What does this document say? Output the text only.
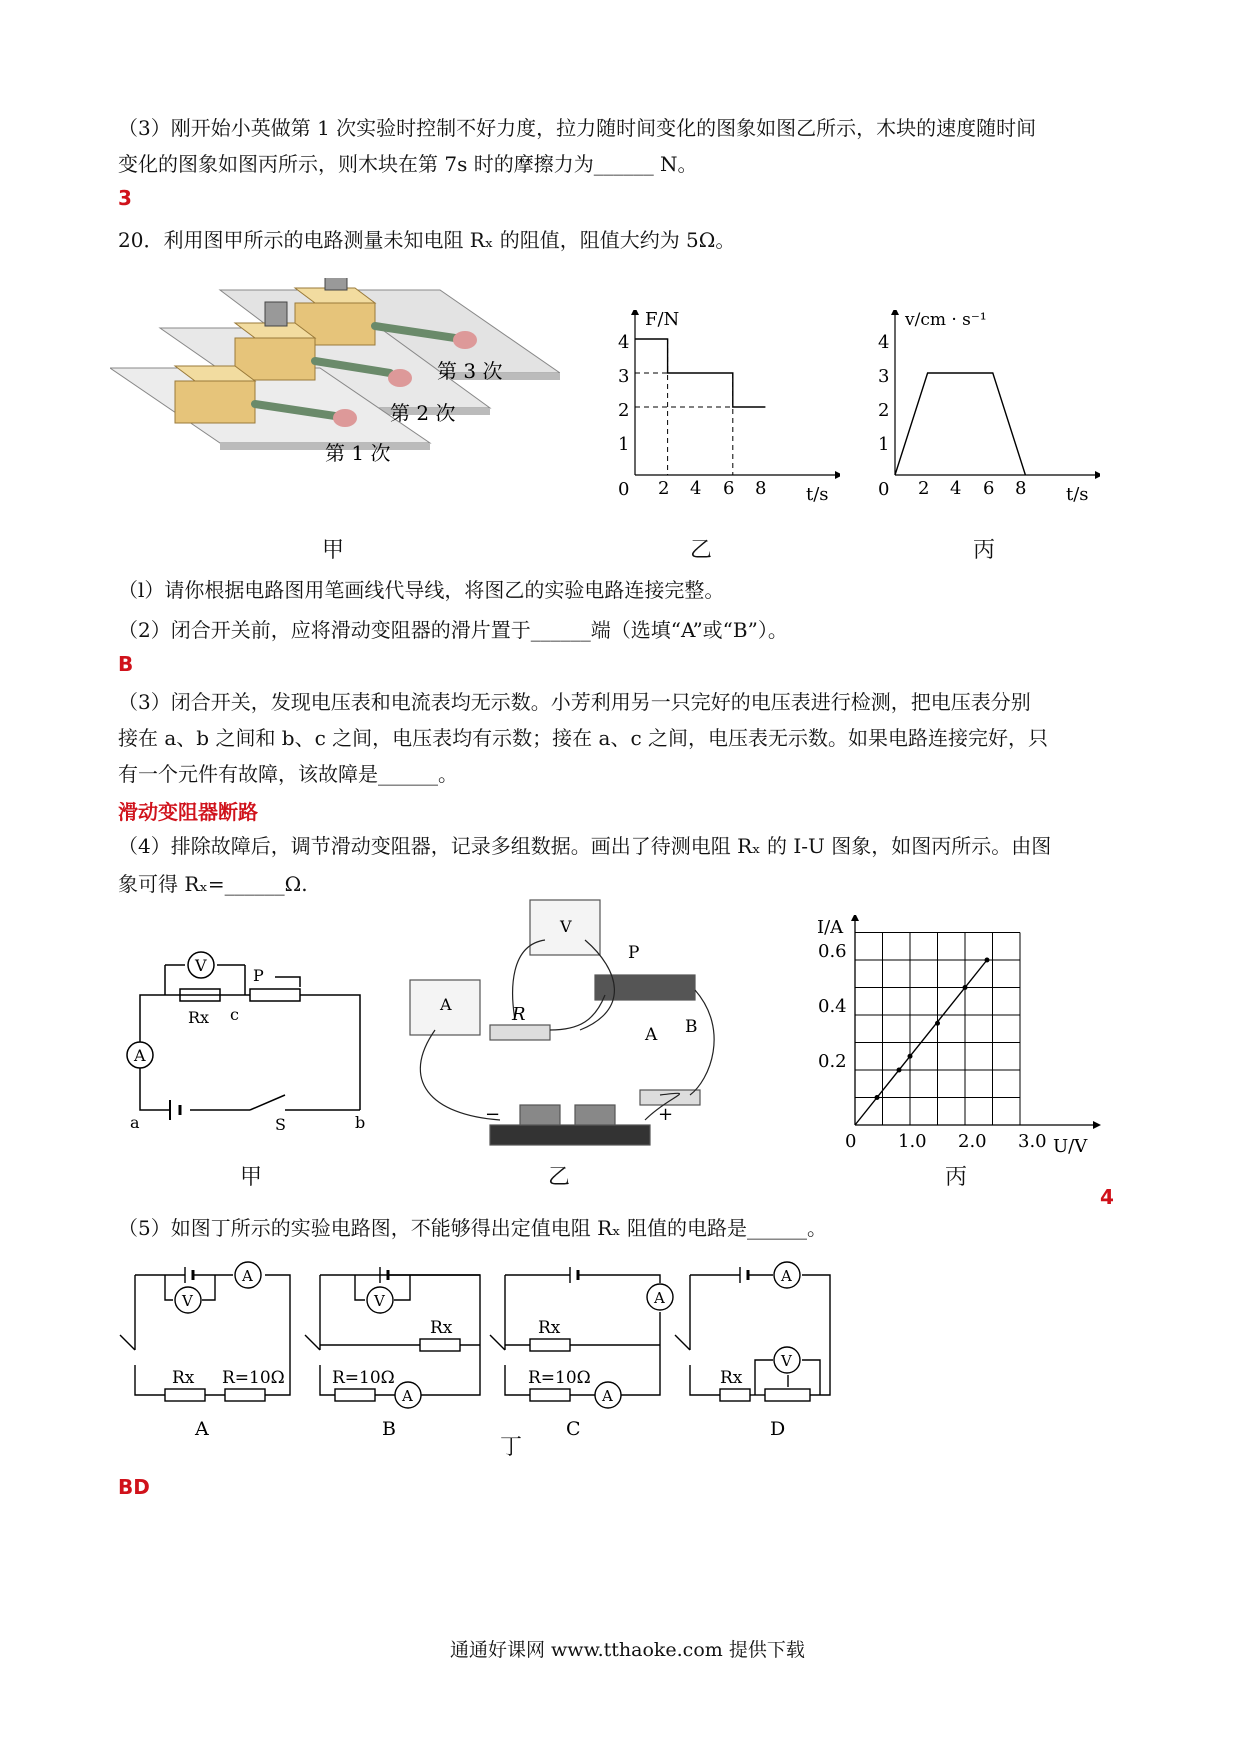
（3）刚开始小英做第 1 次实验时控制不好力度，拉力随时间变化的图象如图乙所示，木块的速度随时间
变化的图象如图丙所示，则木块在第 7s 时的摩擦力为______ N。
3
20．利用图甲所示的电路测量未知电阻 Rₓ 的阻值，阻值大约为 5Ω。
第 3 次
第 2 次
第 1 次
甲
F/N
t/s
0 2 4 6 8
1
2
3
4
乙
v/cm · s⁻¹
t/s
0 2 4 6 8
1
2
3
4
丙
（l）请你根据电路图用笔画线代导线，将图乙的实验电路连接完整。
（2）闭合开关前，应将滑动变阻器的滑片置于______端（选填“A”或“B”）。
B
（3）闭合开关，发现电压表和电流表均无示数。小芳利用另一只完好的电压表进行检测，把电压表分别
接在 a、b 之间和 b、c 之间，电压表均有示数；接在 a、c 之间，电压表无示数。如果电路连接完好，只
有一个元件有故障，该故障是______。
滑动变阻器断路
（4）排除故障后，调节滑动变阻器，记录多组数据。画出了待测电阻 Rₓ 的 I-U 图象，如图丙所示。由图
象可得 Rₓ=______Ω.
V
A
Rx
P
c
a	b
S
甲
V
A	R
P
A B
−	+
乙
I/A
U/V
0 1.0 2.0 3.0
0.2
0.4
0.6
丙
4
（5）如图丁所示的实验电路图，不能够得出定值电阻 Rₓ 阻值的电路是______。
V
A
V
A
A
A
A
V
Rx R=10Ω	R=10Ω
Rx
R=10Ω
Rx
Rx
A	B	C	D
丁
BD
通通好课网 www.tthaoke.com 提供下载
